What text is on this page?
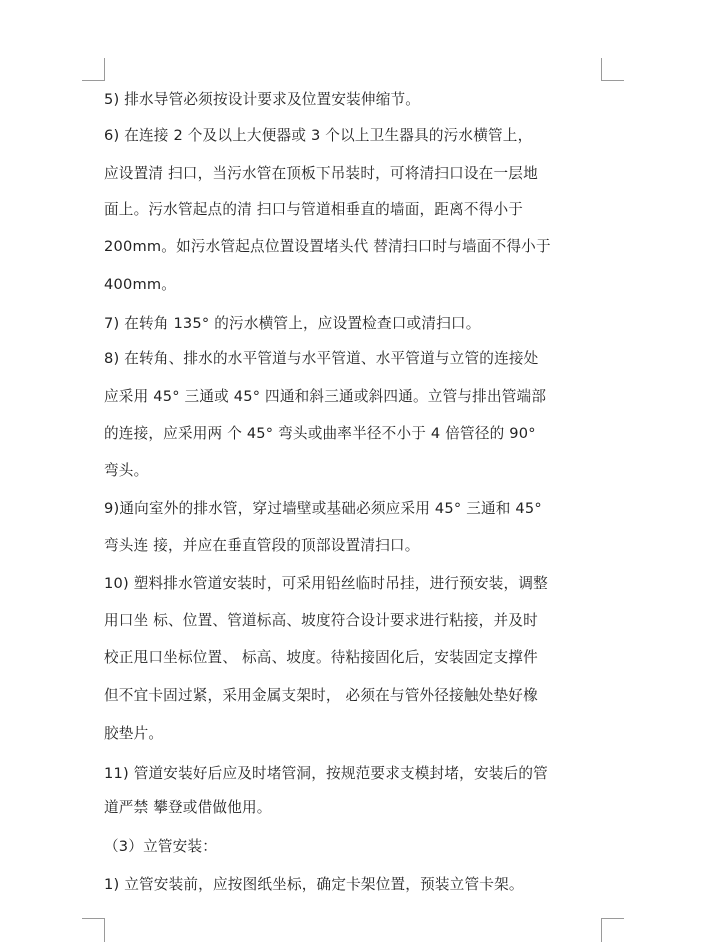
5) 排水导管必须按设计要求及位置安装伸缩节。
6) 在连接 2 个及以上大便器或 3 个以上卫生器具的污水横管上，
应设置清 扫口，当污水管在顶板下吊装时，可将清扫口设在一层地
面上。污水管起点的清 扫口与管道相垂直的墙面，距离不得小于
200mm。如污水管起点位置设置堵头代 替清扫口时与墙面不得小于
400mm。
7) 在转角 135° 的污水横管上，应设置检查口或清扫口。
8) 在转角、排水的水平管道与水平管道、水平管道与立管的连接处
应采用 45° 三通或 45° 四通和斜三通或斜四通。立管与排出管端部
的连接，应采用两 个 45° 弯头或曲率半径不小于 4 倍管径的 90°
弯头。
9)通向室外的排水管，穿过墙壁或基础必须应采用 45° 三通和 45°
弯头连 接，并应在垂直管段的顶部设置清扫口。
10) 塑料排水管道安装时，可采用铅丝临时吊挂，进行预安装，调整
用口坐 标、位置、管道标高、坡度符合设计要求进行粘接，并及时
校正甩口坐标位置、 标高、坡度。待粘接固化后，安装固定支撑件
但不宜卡固过紧，采用金属支架时， 必须在与管外径接触处垫好橡
胶垫片。
11) 管道安装好后应及时堵管洞，按规范要求支模封堵，安装后的管
道严禁 攀登或借做他用。
（3）立管安装：
1) 立管安装前，应按图纸坐标，确定卡架位置，预装立管卡架。
